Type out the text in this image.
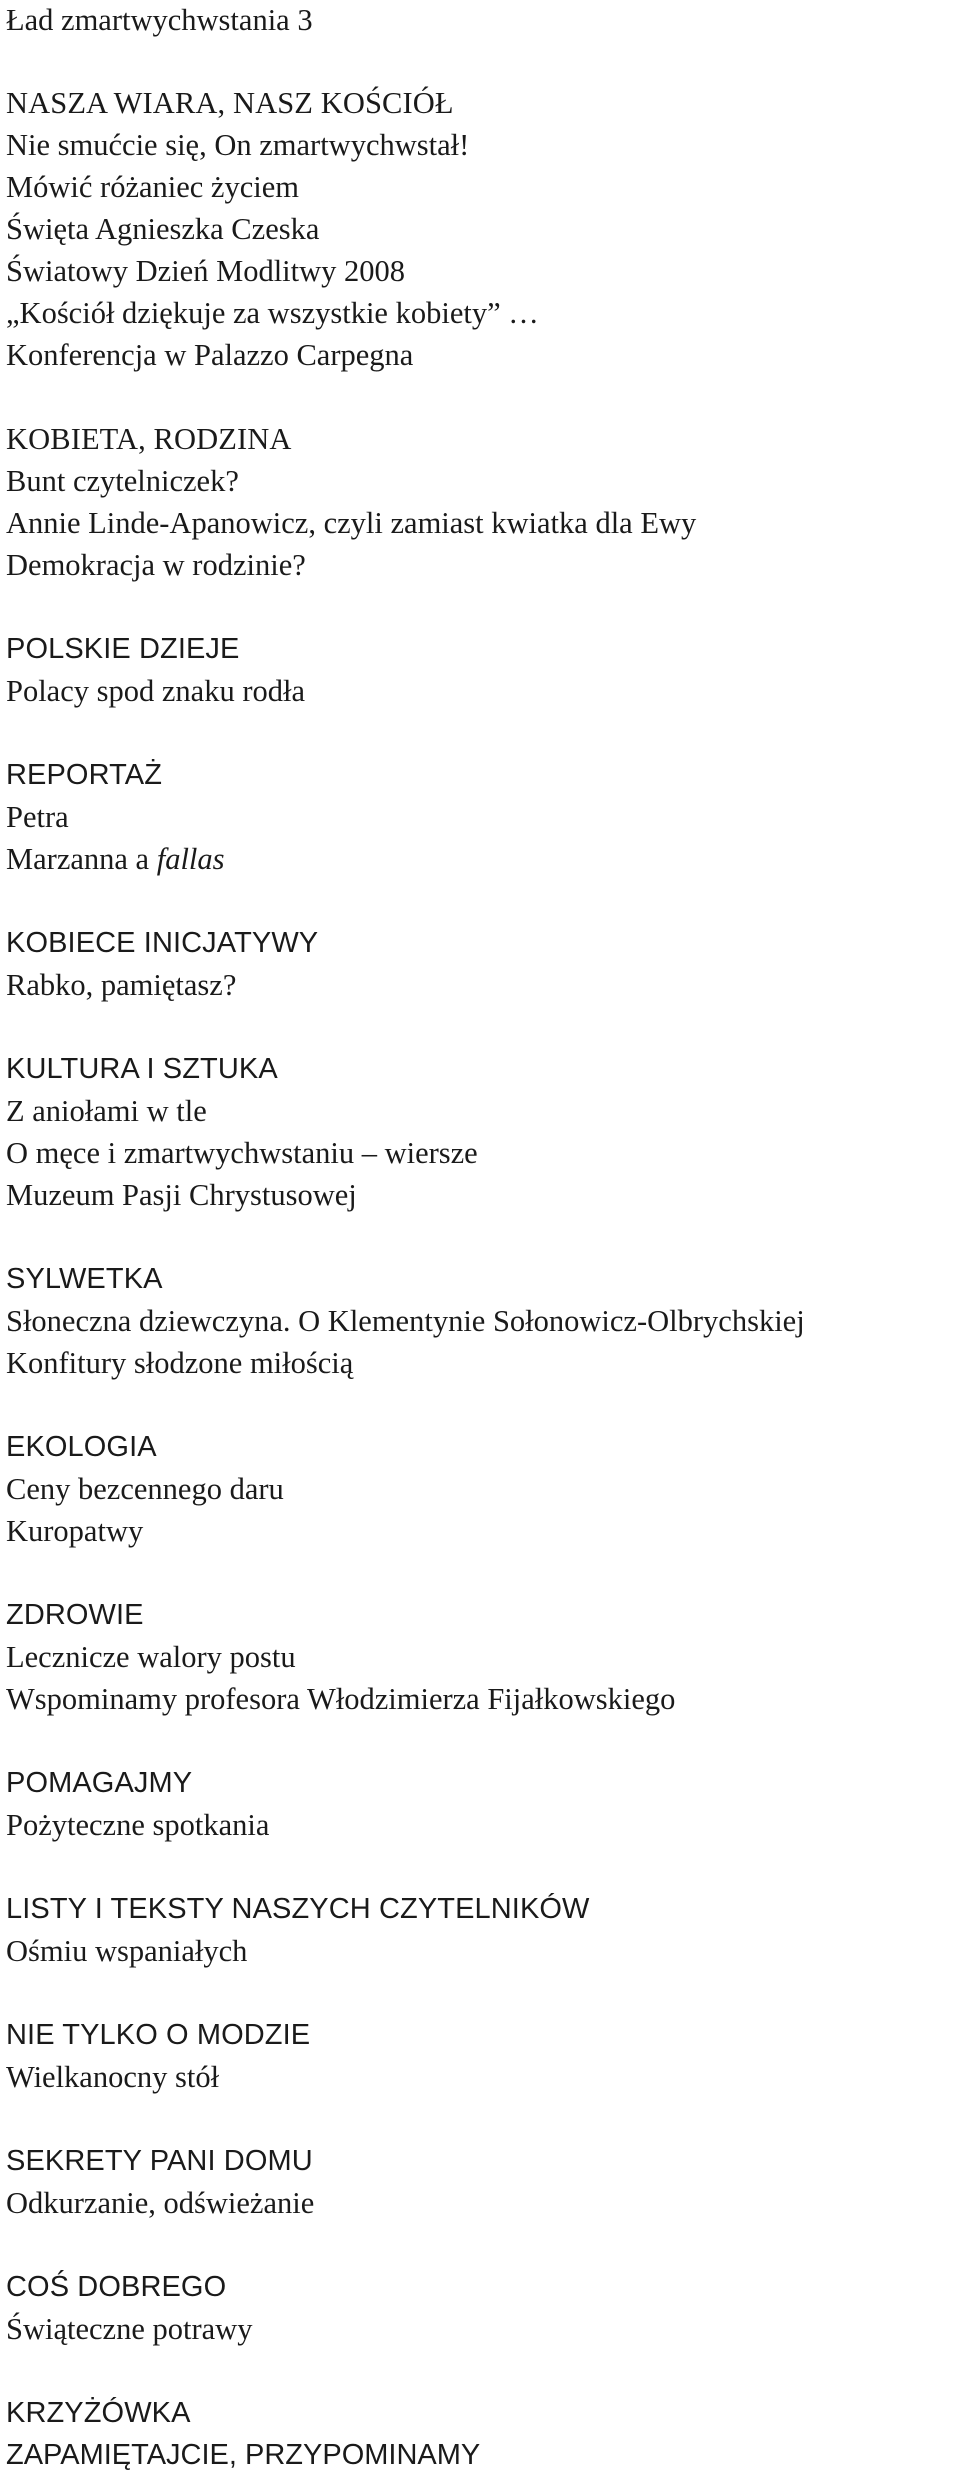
Ład zmartwychwstania 3

NASZA WIARA, NASZ KOŚCIÓŁ

Nie smućcie się, On zmartwychwstał!

Mówić różaniec życiem

Święta Agnieszka Czeska

Światowy Dzień Modlitwy 2008

„Kościół dziękuje za wszystkie kobiety” …

Konferencja w Palazzo Carpegna

KOBIETA, RODZINA

Bunt czytelniczek?

Annie Linde-Apanowicz, czyli zamiast kwiatka dla Ewy

Demokracja w rodzinie?

POLSKIE DZIEJE

Polacy spod znaku rodła

REPORTAŻ

Petra

Marzanna a fallas

KOBIECE INICJATYWY

Rabko, pamiętasz?

KULTURA I SZTUKA

Z aniołami w tle

O męce i zmartwychwstaniu – wiersze

Muzeum Pasji Chrystusowej

SYLWETKA

Słoneczna dziewczyna. O Klementynie Sołonowicz-Olbrychskiej

Konfitury słodzone miłością

EKOLOGIA

Ceny bezcennego daru

Kuropatwy

ZDROWIE

Lecznicze walory postu

Wspominamy profesora Włodzimierza Fijałkowskiego

POMAGAJMY

Pożyteczne spotkania

LISTY I TEKSTY NASZYCH CZYTELNIKÓW

Ośmiu wspaniałych

NIE TYLKO O MODZIE

Wielkanocny stół

SEKRETY PANI DOMU

Odkurzanie, odświeżanie

COŚ DOBREGO

Świąteczne potrawy

KRZYŻÓWKA

ZAPAMIĘTAJCIE, PRZYPOMINAMY
